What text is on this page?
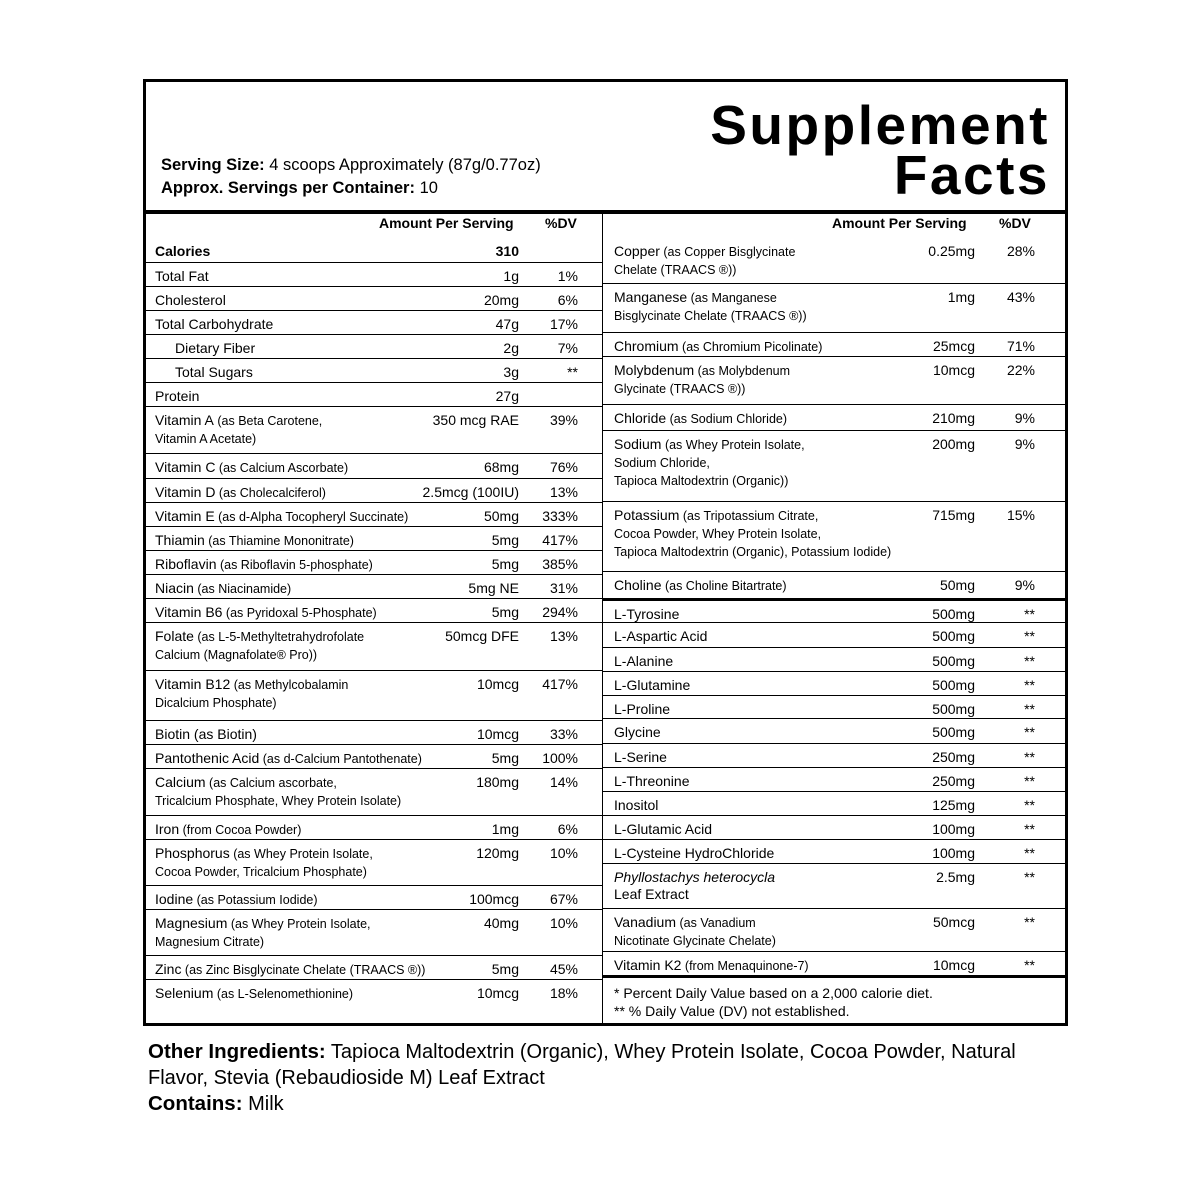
Supplement
Facts
Serving Size: 4 scoops Approximately (87g/0.77oz)
Approx. Servings per Container: 10
Amount Per Serving %DV	Amount Per Serving %DV
Calories	310
Total Fat	1g	1%
Cholesterol	20mg	6%
Total Carbohydrate	47g 17%
Dietary Fiber	2g	7%
Total Sugars	3g	**
Protein	27g
Vitamin A (as Beta Carotene,
Vitamin A Acetate)
350 mcg RAE 39%
Vitamin C (as Calcium Ascorbate)	68mg 76%
Vitamin D (as Cholecalciferol)	2.5mcg (100IU) 13%
Vitamin E (as d-Alpha Tocopheryl Succinate)	50mg 333%
Thiamin (as Thiamine Mononitrate)	5mg 417%
Riboflavin (as Riboflavin 5-phosphate)	5mg 385%
Niacin (as Niacinamide)	5mg NE 31%
Vitamin B6 (as Pyridoxal 5-Phosphate)	5mg 294%
Folate (as L-5-Methyltetrahydrofolate
Calcium (Magnafolate® Pro))
50mcg DFE 13%
Vitamin B12 (as Methylcobalamin
Dicalcium Phosphate)
10mcg 417%
Biotin (as Biotin)	10mcg 33%
Pantothenic Acid (as d-Calcium Pantothenate)	5mg 100%
Calcium (as Calcium ascorbate,
Tricalcium Phosphate, Whey Protein Isolate)
180mg 14%
Iron (from Cocoa Powder)	1mg	6%
Phosphorus (as Whey Protein Isolate,
Cocoa Powder, Tricalcium Phosphate)
120mg 10%
Iodine (as Potassium Iodide)	100mcg 67%
Magnesium (as Whey Protein Isolate,
Magnesium Citrate)
40mg 10%
Zinc (as Zinc Bisglycinate Chelate (TRAACS ®))	5mg 45%
Selenium (as L-Selenomethionine)	10mcg 18%
Copper (as Copper Bisglycinate
Chelate (TRAACS ®))
0.25mg 28%
Manganese (as Manganese
Bisglycinate Chelate (TRAACS ®))
1mg 43%
Chromium (as Chromium Picolinate)	25mcg 71%
Molybdenum (as Molybdenum
Glycinate (TRAACS ®))
10mcg 22%
Chloride (as Sodium Chloride)	210mg	9%
Sodium (as Whey Protein Isolate,
Sodium Chloride,
Tapioca Maltodextrin (Organic))
200mg	9%
Potassium (as Tripotassium Citrate,
Cocoa Powder, Whey Protein Isolate,
Tapioca Maltodextrin (Organic), Potassium Iodide)
715mg 15%
Choline (as Choline Bitartrate)	50mg	9%
L-Tyrosine	500mg	**
L-Aspartic Acid	500mg	**
L-Alanine	500mg	**
L-Glutamine	500mg	**
L-Proline	500mg	**
Glycine	500mg	**
L-Serine	250mg	**
L-Threonine	250mg	**
Inositol	125mg	**
L-Glutamic Acid	100mg	**
L-Cysteine HydroChloride	100mg	**
Phyllostachys heterocycla
Leaf Extract
2.5mg	**
Vanadium (as Vanadium
Nicotinate Glycinate Chelate)
50mcg	**
Vitamin K2 (from Menaquinone-7)	10mcg	**
* Percent Daily Value based on a 2,000 calorie diet.
** % Daily Value (DV) not established.
Other Ingredients: Tapioca Maltodextrin (Organic), Whey Protein Isolate, Cocoa Powder, Natural Flavor, Stevia (Rebaudioside M) Leaf Extract
Contains: Milk
